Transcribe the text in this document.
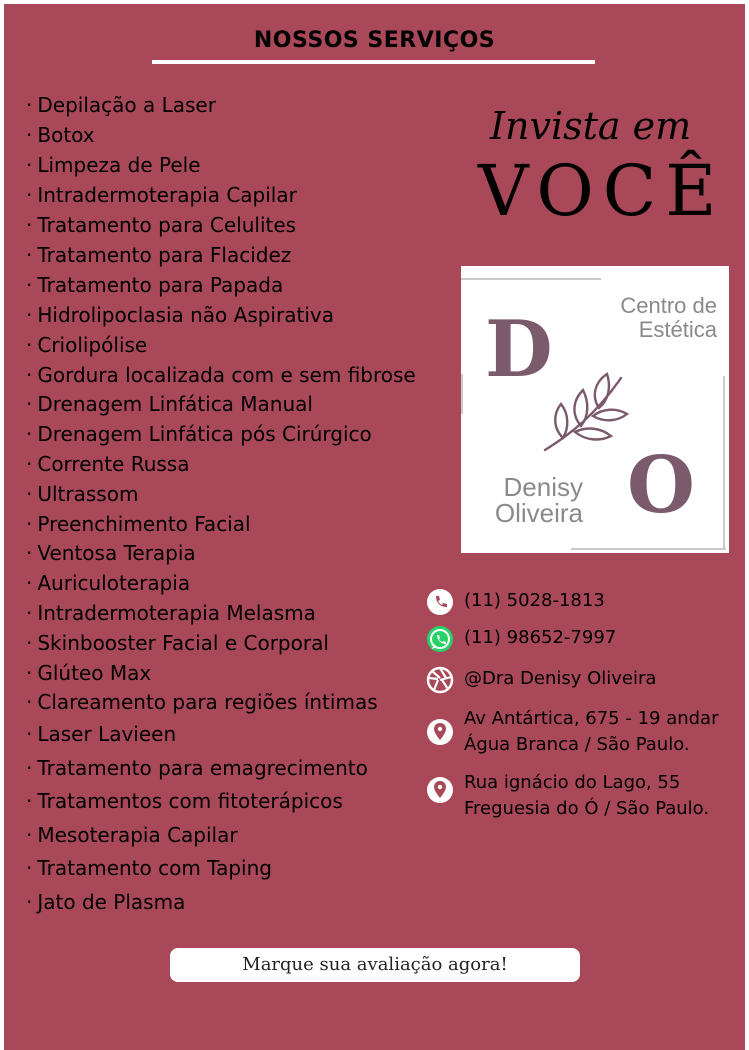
NOSSOS SERVIÇOS
· Depilação a Laser
· Botox
· Limpeza de Pele
· Intradermoterapia Capilar
· Tratamento para Celulites
· Tratamento para Flacidez
· Tratamento para Papada
· Hidrolipoclasia não Aspirativa
· Criolipólise
· Gordura localizada com e sem fibrose
· Drenagem Linfática Manual
· Drenagem Linfática pós Cirúrgico
· Corrente Russa
· Ultrassom
· Preenchimento Facial
· Ventosa Terapia
· Auriculoterapia
· Intradermoterapia Melasma
· Skinbooster Facial e Corporal
· Glúteo Max
· Clareamento para regiões íntimas
· Laser Lavieen
· Tratamento para emagrecimento
· Tratamentos com fitoterápicos
· Mesoterapia Capilar
· Tratamento com Taping
· Jato de Plasma
Invista em
VOCÊ
D
O
Centro de
Estética
Denisy
Oliveira
(11) 5028-1813
(11) 98652-7997
@Dra Denisy Oliveira
Av Antártica, 675 - 19 andar
Água Branca / São Paulo.
Rua ignácio do Lago, 55
Freguesia do Ó / São Paulo.
Marque sua avaliação agora!
